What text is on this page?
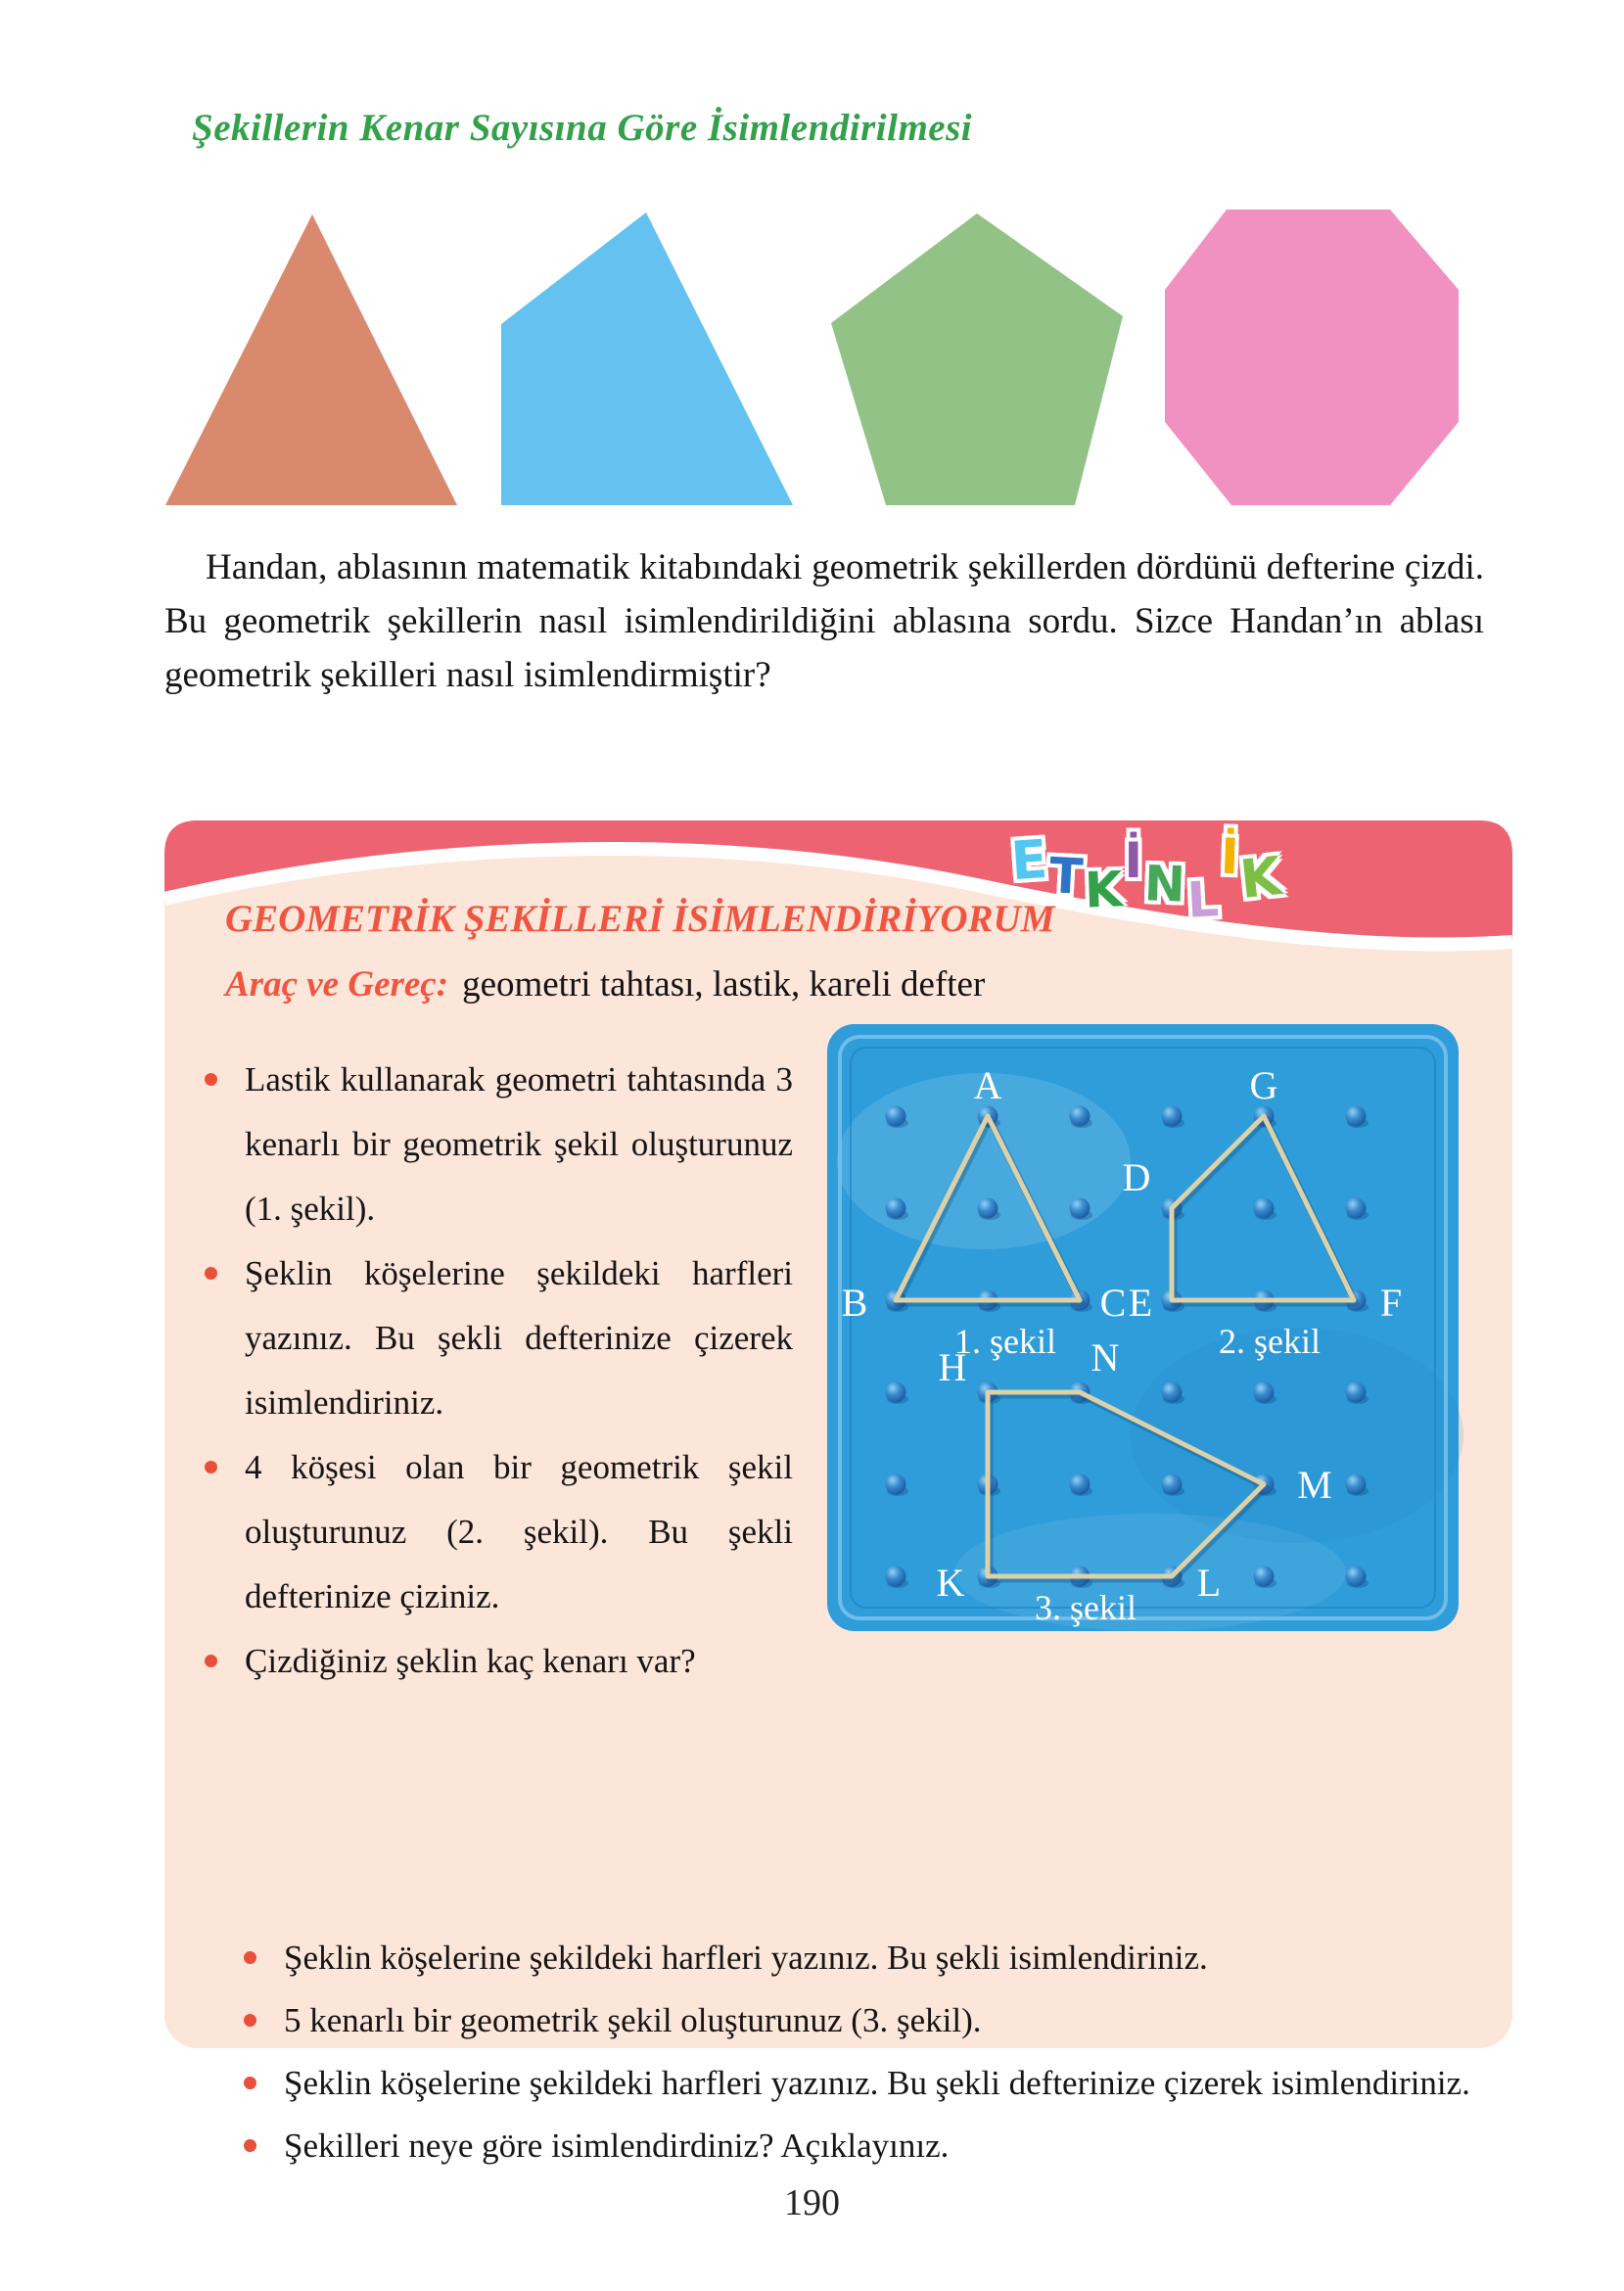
Şekillerin Kenar Sayısına Göre İsimlendirilmesi
Handan, ablasının matematik kitabındaki geometrik şekillerden dördünü defterine çizdi. Bu geometrik şekillerin nasıl isimlendirildiğini ablasına sordu. Sizce Handan’ın ablası geometrik şekilleri nasıl isimlendirmiştir?
E
T K
İ N L
İ
K
GEOMETRİK ŞEKİLLERİ İSİMLENDİRİYORUM
Araç ve Gereç: geometri tahtası, lastik, kareli defter
Lastik kullanarak geometri tahtasında 3 kenarlı bir geometrik şekil oluşturunuz (1. şekil).
Şeklin köşelerine şekildeki harfleri yazınız. Bu şekli defterinize çizerek isimlendiriniz.
4 köşesi olan bir geometrik şekil oluşturunuz (2. şekil). Bu şekli defterinize çiziniz.
Çizdiğiniz şeklin kaç kenarı var?
A
B	C
D
E	F
G
H	N
M
K	L
1. şekil	2. şekil
3. şekil
Şeklin köşelerine şekildeki harfleri yazınız. Bu şekli isimlendiriniz.
5 kenarlı bir geometrik şekil oluşturunuz (3. şekil).
Şeklin köşelerine şekildeki harfleri yazınız. Bu şekli defterinize çizerek isimlendiriniz.
Şekilleri neye göre isimlendirdiniz? Açıklayınız.
190
